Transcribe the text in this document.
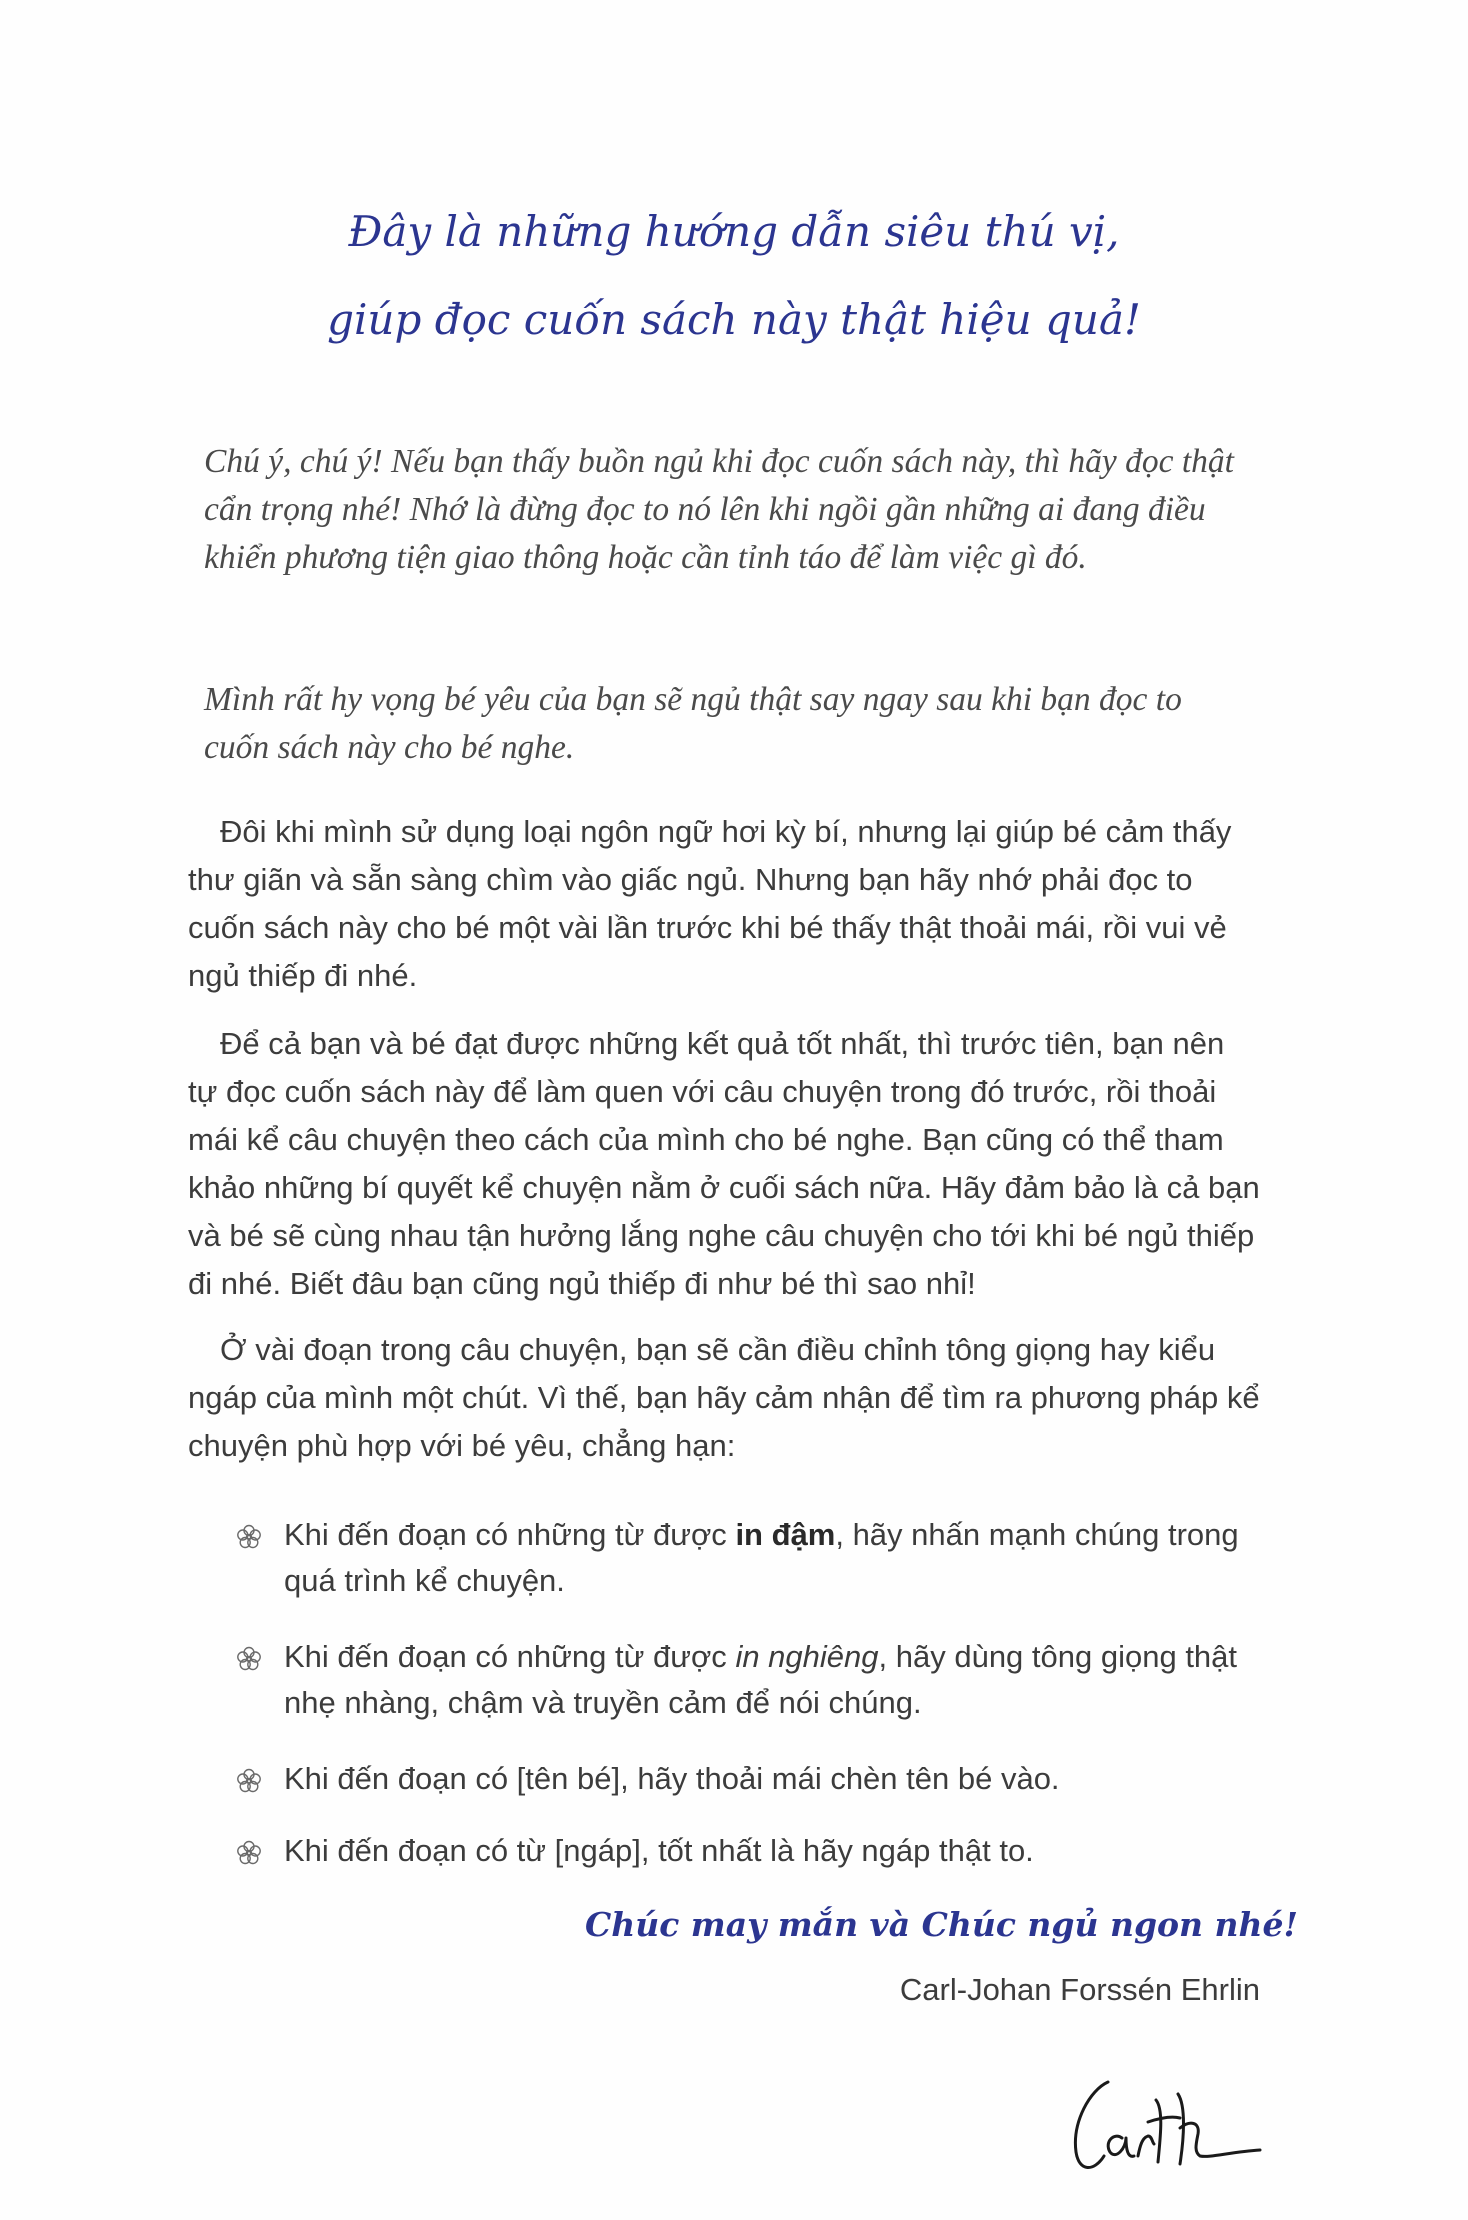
Đây là những hướng dẫn siêu thú vị,
giúp đọc cuốn sách này thật hiệu quả!
Chú ý, chú ý! Nếu bạn thấy buồn ngủ khi đọc cuốn sách này, thì hãy đọc thật cẩn trọng nhé! Nhớ là đừng đọc to nó lên khi ngồi gần những ai đang điều khiển phương tiện giao thông hoặc cần tỉnh táo để làm việc gì đó.
Mình rất hy vọng bé yêu của bạn sẽ ngủ thật say ngay sau khi bạn đọc to cuốn sách này cho bé nghe.
Đôi khi mình sử dụng loại ngôn ngữ hơi kỳ bí, nhưng lại giúp bé cảm thấy thư giãn và sẵn sàng chìm vào giấc ngủ. Nhưng bạn hãy nhớ phải đọc to cuốn sách này cho bé một vài lần trước khi bé thấy thật thoải mái, rồi vui vẻ ngủ thiếp đi nhé.
Để cả bạn và bé đạt được những kết quả tốt nhất, thì trước tiên, bạn nên tự đọc cuốn sách này để làm quen với câu chuyện trong đó trước, rồi thoải mái kể câu chuyện theo cách của mình cho bé nghe. Bạn cũng có thể tham khảo những bí quyết kể chuyện nằm ở cuối sách nữa. Hãy đảm bảo là cả bạn và bé sẽ cùng nhau tận hưởng lắng nghe câu chuyện cho tới khi bé ngủ thiếp đi nhé. Biết đâu bạn cũng ngủ thiếp đi như bé thì sao nhỉ!
Ở vài đoạn trong câu chuyện, bạn sẽ cần điều chỉnh tông giọng hay kiểu ngáp của mình một chút. Vì thế, bạn hãy cảm nhận để tìm ra phương pháp kể chuyện phù hợp với bé yêu, chẳng hạn:
Khi đến đoạn có những từ được in đậm, hãy nhấn mạnh chúng trong quá trình kể chuyện.
Khi đến đoạn có những từ được in nghiêng, hãy dùng tông giọng thật nhẹ nhàng, chậm và truyền cảm để nói chúng.
Khi đến đoạn có [tên bé], hãy thoải mái chèn tên bé vào.
Khi đến đoạn có từ [ngáp], tốt nhất là hãy ngáp thật to.
Chúc may mắn và Chúc ngủ ngon nhé!
Carl-Johan Forssén Ehrlin
